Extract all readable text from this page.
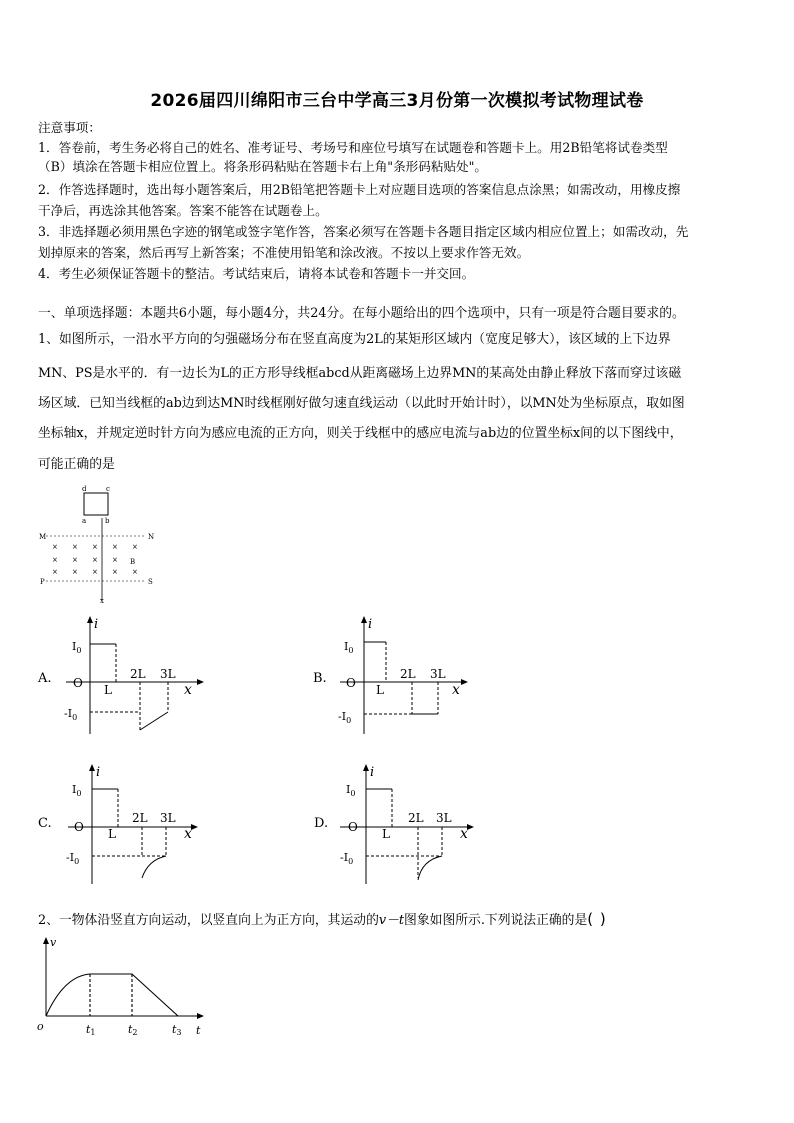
2026届四川绵阳市三台中学高三3月份第一次模拟考试物理试卷
注意事项：
1．答卷前，考生务必将自己的姓名、准考证号、考场号和座位号填写在试题卷和答题卡上。用2B铅笔将试卷类型
（B）填涂在答题卡相应位置上。将条形码粘贴在答题卡右上角"条形码粘贴处"。
2．作答选择题时，选出每小题答案后，用2B铅笔把答题卡上对应题目选项的答案信息点涂黑；如需改动，用橡皮擦
干净后，再选涂其他答案。答案不能答在试题卷上。
3．非选择题必须用黑色字迹的钢笔或签字笔作答，答案必须写在答题卡各题目指定区域内相应位置上；如需改动，先
划掉原来的答案，然后再写上新答案；不准使用铅笔和涂改液。不按以上要求作答无效。
4．考生必须保证答题卡的整洁。考试结束后，请将本试卷和答题卡一并交回。
一、单项选择题：本题共6小题，每小题4分，共24分。在每小题给出的四个选项中，只有一项是符合题目要求的。
1、如图所示，一沿水平方向的匀强磁场分布在竖直高度为2L的某矩形区域内（宽度足够大），该区域的上下边界
MN、PS是水平的．有一边长为L的正方形导线框abcd从距离磁场上边界MN的某高处由静止释放下落而穿过该磁
场区域．已知当线框的ab边到达MN时线框刚好做匀速直线运动（以此时开始计时），以MN处为坐标原点，取如图
坐标轴x，并规定逆时针方向为感应电流的正方向，则关于线框中的感应电流与ab边的位置坐标x间的以下图线中，
可能正确的是
d	c
a	b
M	N
P	S
B
x
× × × × ×
× × × ×
× × × × ×
A.
i
x
$I_0$
$-I_0$
O L
2L 3L	B.
i
x
$I_0$
$-I_0$
O L
2L 3L
C.
i
x
$I_0$
$-I_0$
O L
2L 3L	D.
i
x
$I_0$
$-I_0$
O L
2L 3L
2、一物体沿竖直方向运动，以竖直向上为正方向，其运动的v－t图象如图所示.下列说法正确的是( )
v
t
o	t1	t2	t3
